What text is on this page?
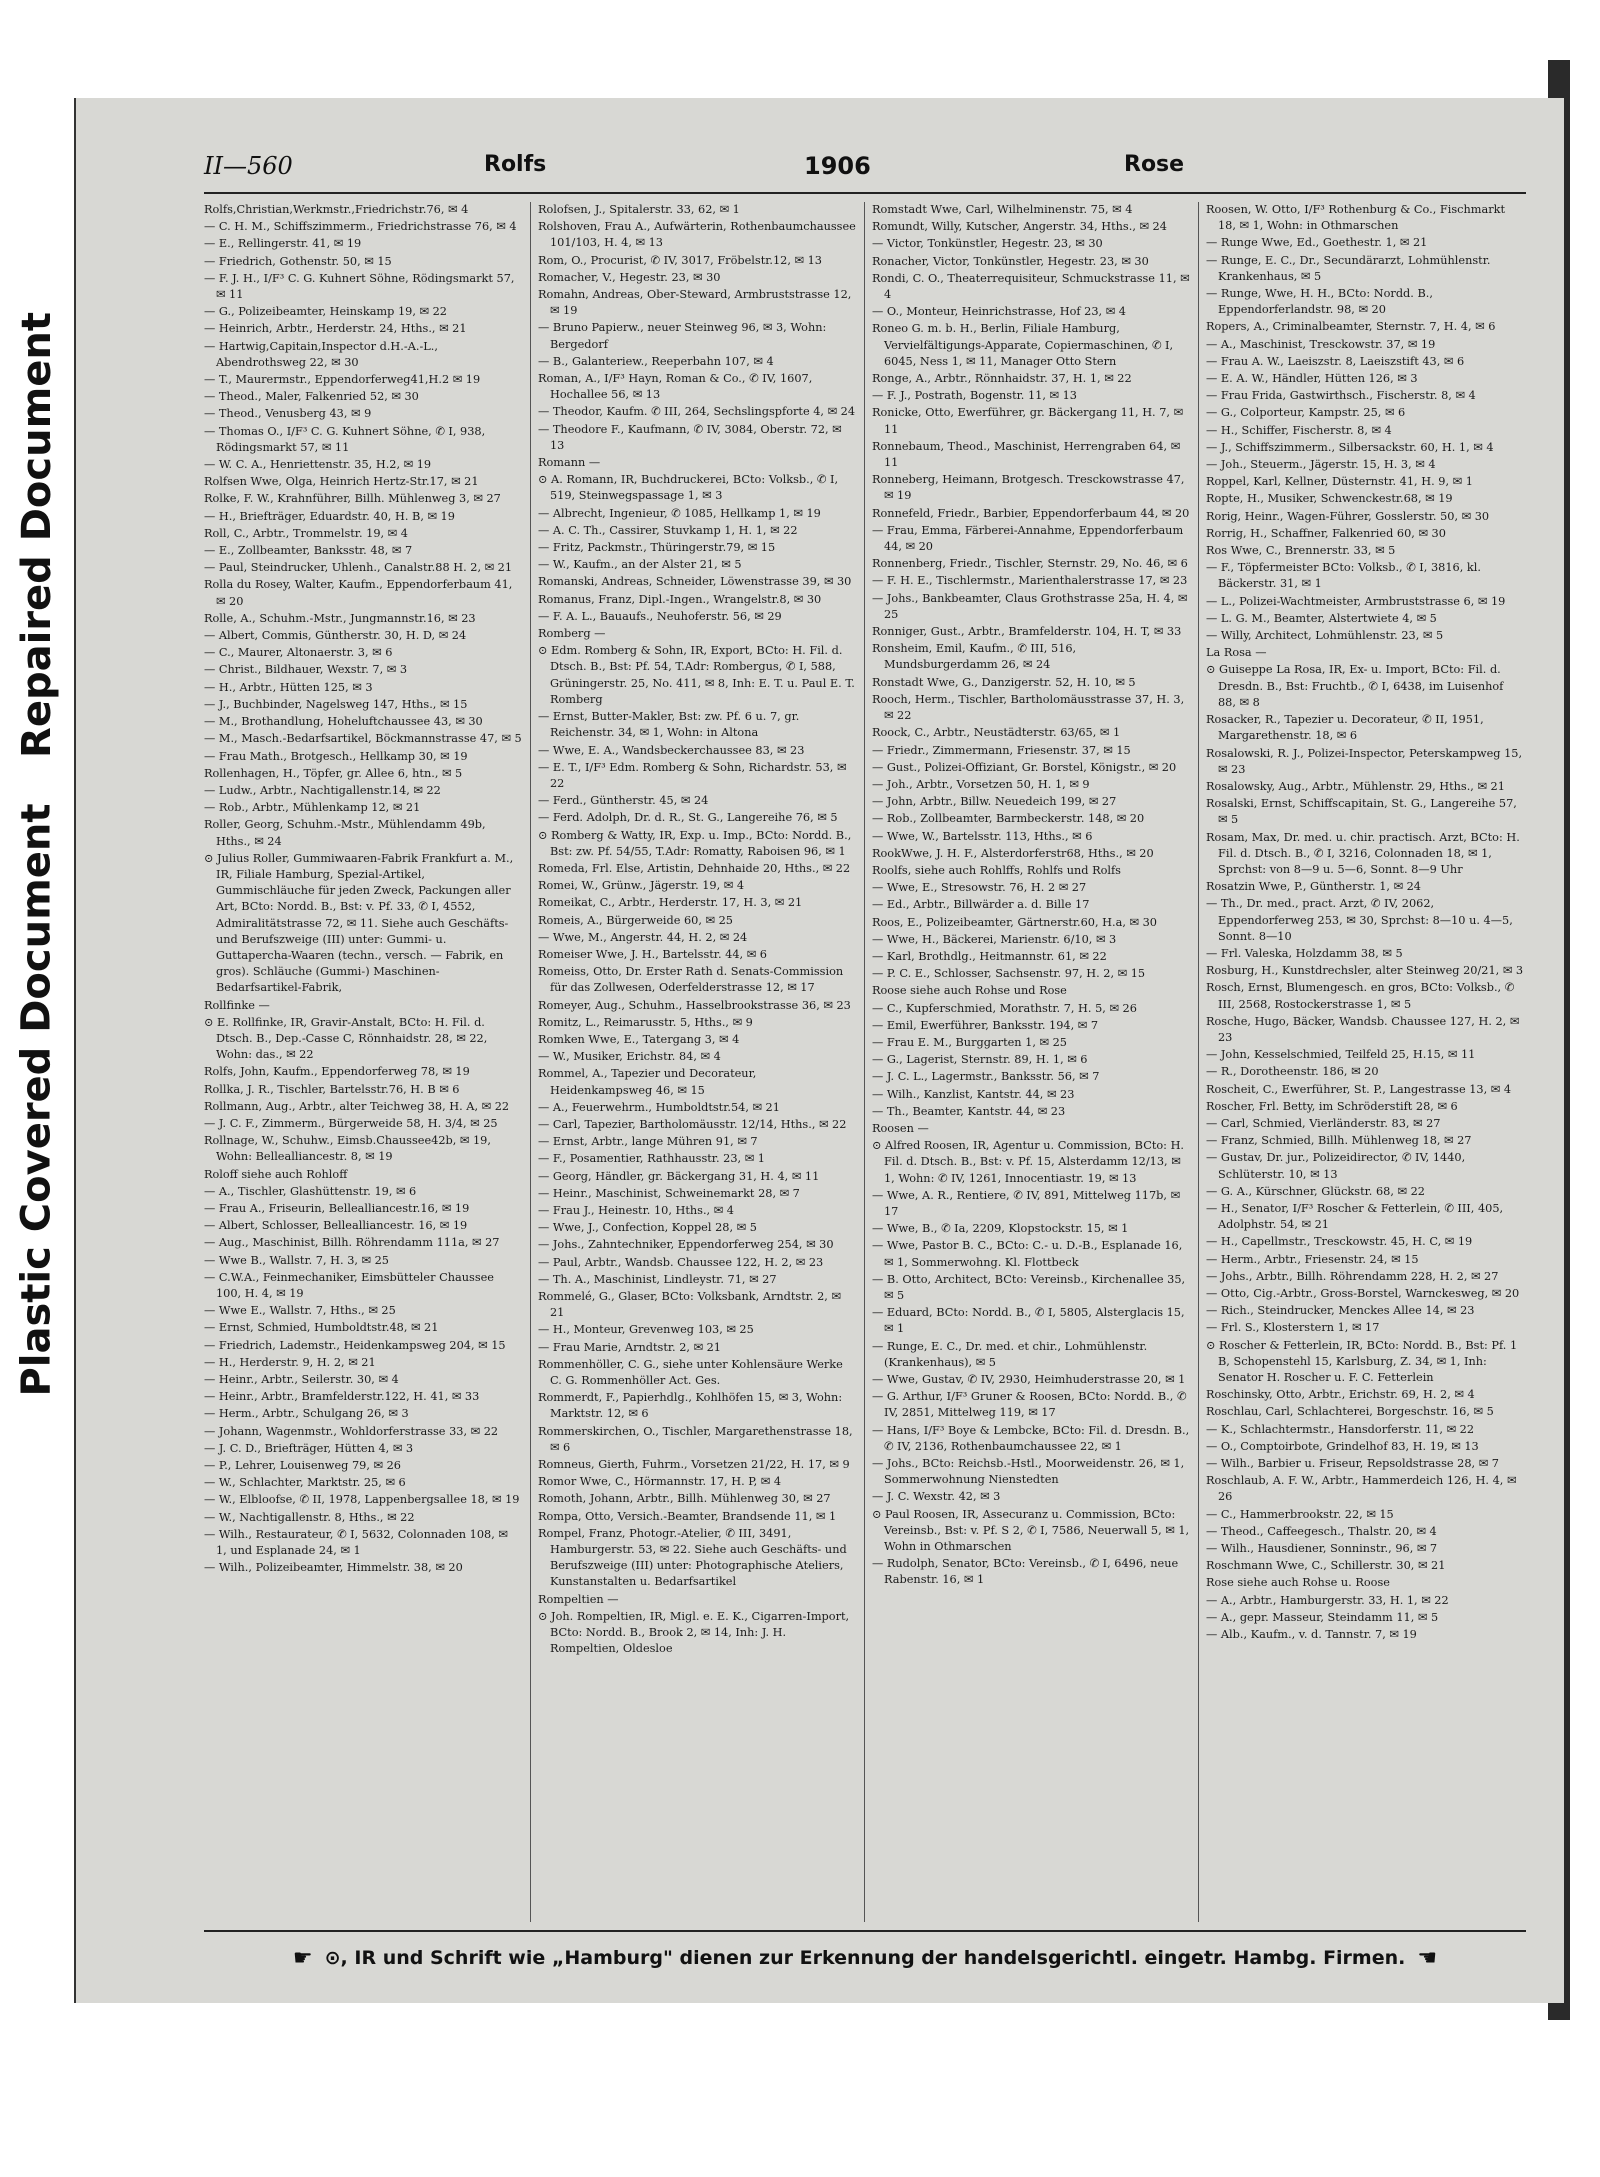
Repaired Document
Plastic Covered Document
II—560	Rolfs	1906	Rose
Rolfs,Christian,Werkmstr.,Friedrichstr.76, ✉ 4
— C. H. M., Schiffszimmerm., Friedrichstrasse 76, ✉ 4
— E., Rellingerstr. 41, ✉ 19
— Friedrich, Gothenstr. 50, ✉ 15
— F. J. H., I/F³ C. G. Kuhnert Söhne, Rödingsmarkt 57, ✉ 11
— G., Polizeibeamter, Heinskamp 19, ✉ 22
— Heinrich, Arbtr., Herderstr. 24, Hths., ✉ 21
— Hartwig,Capitain,Inspector d.H.-A.-L., Abendrothsweg 22, ✉ 30
— T., Maurermstr., Eppendorferweg41,H.2 ✉ 19
— Theod., Maler, Falkenried 52, ✉ 30
— Theod., Venusberg 43, ✉ 9
— Thomas O., I/F³ C. G. Kuhnert Söhne, ✆ I, 938, Rödingsmarkt 57, ✉ 11
— W. C. A., Henriettenstr. 35, H.2, ✉ 19
Rolfsen Wwe, Olga, Heinrich Hertz-Str.17, ✉ 21
Rolke, F. W., Krahnführer, Billh. Mühlenweg 3, ✉ 27
— H., Briefträger, Eduardstr. 40, H. B, ✉ 19
Roll, C., Arbtr., Trommelstr. 19, ✉ 4
— E., Zollbeamter, Banksstr. 48, ✉ 7
— Paul, Steindrucker, Uhlenh., Canalstr.88 H. 2, ✉ 21
Rolla du Rosey, Walter, Kaufm., Eppendorferbaum 41, ✉ 20
Rolle, A., Schuhm.-Mstr., Jungmannstr.16, ✉ 23
— Albert, Commis, Güntherstr. 30, H. D, ✉ 24
— C., Maurer, Altonaerstr. 3, ✉ 6
— Christ., Bildhauer, Wexstr. 7, ✉ 3
— H., Arbtr., Hütten 125, ✉ 3
— J., Buchbinder, Nagelsweg 147, Hths., ✉ 15
— M., Brothandlung, Hoheluftchaussee 43, ✉ 30
— M., Masch.-Bedarfsartikel, Böckmannstrasse 47, ✉ 5
— Frau Math., Brotgesch., Hellkamp 30, ✉ 19
Rollenhagen, H., Töpfer, gr. Allee 6, htn., ✉ 5
— Ludw., Arbtr., Nachtigallenstr.14, ✉ 22
— Rob., Arbtr., Mühlenkamp 12, ✉ 21
Roller, Georg, Schuhm.-Mstr., Mühlendamm 49b, Hths., ✉ 24
⊙ Julius Roller, Gummiwaaren-Fabrik Frankfurt a. M., IR, Filiale Hamburg, Spezial-Artikel, Gummischläuche für jeden Zweck, Packungen aller Art, BCto: Nordd. B., Bst: v. Pf. 33, ✆ I, 4552, Admiralitätstrasse 72, ✉ 11. Siehe auch Geschäfts- und Berufszweige (III) unter: Gummi- u. Guttapercha-Waaren (techn., versch. — Fabrik, en gros). Schläuche (Gummi-) Maschinen-Bedarfsartikel-Fabrik,
Rollfinke —
⊙ E. Rollfinke, IR, Gravir-Anstalt, BCto: H. Fil. d. Dtsch. B., Dep.-Casse C, Rönnhaidstr. 28, ✉ 22, Wohn: das., ✉ 22
Rolfs, John, Kaufm., Eppendorferweg 78, ✉ 19
Rollka, J. R., Tischler, Bartelsstr.76, H. B ✉ 6
Rollmann, Aug., Arbtr., alter Teichweg 38, H. A, ✉ 22
— J. C. F., Zimmerm., Bürgerweide 58, H. 3/4, ✉ 25
Rollnage, W., Schuhw., Eimsb.Chaussee42b, ✉ 19, Wohn: Bellealliancestr. 8, ✉ 19
Roloff siehe auch Rohloff
— A., Tischler, Glashüttenstr. 19, ✉ 6
— Frau A., Friseurin, Bellealliancestr.16, ✉ 19
— Albert, Schlosser, Bellealliancestr. 16, ✉ 19
— Aug., Maschinist, Billh. Röhrendamm 111a, ✉ 27
— Wwe B., Wallstr. 7, H. 3, ✉ 25
— C.W.A., Feinmechaniker, Eimsbütteler Chaussee 100, H. 4, ✉ 19
— Wwe E., Wallstr. 7, Hths., ✉ 25
— Ernst, Schmied, Humboldtstr.48, ✉ 21
— Friedrich, Lademstr., Heidenkampsweg 204, ✉ 15
— H., Herderstr. 9, H. 2, ✉ 21
— Heinr., Arbtr., Seilerstr. 30, ✉ 4
— Heinr., Arbtr., Bramfelderstr.122, H. 41, ✉ 33
— Herm., Arbtr., Schulgang 26, ✉ 3
— Johann, Wagenmstr., Wohldorferstrasse 33, ✉ 22
— J. C. D., Briefträger, Hütten 4, ✉ 3
— P., Lehrer, Louisenweg 79, ✉ 26
— W., Schlachter, Marktstr. 25, ✉ 6
— W., Elbloofse, ✆ II, 1978, Lappenbergsallee 18, ✉ 19
— W., Nachtigallenstr. 8, Hths., ✉ 22
— Wilh., Restaurateur, ✆ I, 5632, Colonnaden 108, ✉ 1, und Esplanade 24, ✉ 1
— Wilh., Polizeibeamter, Himmelstr. 38, ✉ 20
Rolofsen, J., Spitalerstr. 33, 62, ✉ 1
Rolshoven, Frau A., Aufwärterin, Rothenbaumchaussee 101/103, H. 4, ✉ 13
Rom, O., Procurist, ✆ IV, 3017, Fröbelstr.12, ✉ 13
Romacher, V., Hegestr. 23, ✉ 30
Romahn, Andreas, Ober-Steward, Armbruststrasse 12, ✉ 19
— Bruno Papierw., neuer Steinweg 96, ✉ 3, Wohn: Bergedorf
— B., Galanteriew., Reeperbahn 107, ✉ 4
Roman, A., I/F³ Hayn, Roman & Co., ✆ IV, 1607, Hochallee 56, ✉ 13
— Theodor, Kaufm. ✆ III, 264, Sechslingspforte 4, ✉ 24
— Theodore F., Kaufmann, ✆ IV, 3084, Oberstr. 72, ✉ 13
Romann —
⊙ A. Romann, IR, Buchdruckerei, BCto: Volksb., ✆ I, 519, Steinwegspassage 1, ✉ 3
— Albrecht, Ingenieur, ✆ 1085, Hellkamp 1, ✉ 19
— A. C. Th., Cassirer, Stuvkamp 1, H. 1, ✉ 22
— Fritz, Packmstr., Thüringerstr.79, ✉ 15
— W., Kaufm., an der Alster 21, ✉ 5
Romanski, Andreas, Schneider, Löwenstrasse 39, ✉ 30
Romanus, Franz, Dipl.-Ingen., Wrangelstr.8, ✉ 30
— F. A. L., Bauaufs., Neuhoferstr. 56, ✉ 29
Romberg —
⊙ Edm. Romberg & Sohn, IR, Export, BCto: H. Fil. d. Dtsch. B., Bst: Pf. 54, T.Adr: Rombergus, ✆ I, 588, Grüningerstr. 25, No. 411, ✉ 8, Inh: E. T. u. Paul E. T. Romberg
— Ernst, Butter-Makler, Bst: zw. Pf. 6 u. 7, gr. Reichenstr. 34, ✉ 1, Wohn: in Altona
— Wwe, E. A., Wandsbeckerchaussee 83, ✉ 23
— E. T., I/F³ Edm. Romberg & Sohn, Richardstr. 53, ✉ 22
— Ferd., Güntherstr. 45, ✉ 24
— Ferd. Adolph, Dr. d. R., St. G., Langereihe 76, ✉ 5
⊙ Romberg & Watty, IR, Exp. u. Imp., BCto: Nordd. B., Bst: zw. Pf. 54/55, T.Adr: Romatty, Raboisen 96, ✉ 1
Romeda, Frl. Else, Artistin, Dehnhaide 20, Hths., ✉ 22
Romei, W., Grünw., Jägerstr. 19, ✉ 4
Romeikat, C., Arbtr., Herderstr. 17, H. 3, ✉ 21
Romeis, A., Bürgerweide 60, ✉ 25
— Wwe, M., Angerstr. 44, H. 2, ✉ 24
Romeiser Wwe, J. H., Bartelsstr. 44, ✉ 6
Romeiss, Otto, Dr. Erster Rath d. Senats-Commission für das Zollwesen, Oderfelderstrasse 12, ✉ 17
Romeyer, Aug., Schuhm., Hasselbrookstrasse 36, ✉ 23
Romitz, L., Reimarusstr. 5, Hths., ✉ 9
Romken Wwe, E., Tatergang 3, ✉ 4
— W., Musiker, Erichstr. 84, ✉ 4
Rommel, A., Tapezier und Decorateur, Heidenkampsweg 46, ✉ 15
— A., Feuerwehrm., Humboldtstr.54, ✉ 21
— Carl, Tapezier, Bartholomäusstr. 12/14, Hths., ✉ 22
— Ernst, Arbtr., lange Mühren 91, ✉ 7
— F., Posamentier, Rathhausstr. 23, ✉ 1
— Georg, Händler, gr. Bäckergang 31, H. 4, ✉ 11
— Heinr., Maschinist, Schweinemarkt 28, ✉ 7
— Frau J., Heinestr. 10, Hths., ✉ 4
— Wwe, J., Confection, Koppel 28, ✉ 5
— Johs., Zahntechniker, Eppendorferweg 254, ✉ 30
— Paul, Arbtr., Wandsb. Chaussee 122, H. 2, ✉ 23
— Th. A., Maschinist, Lindleystr. 71, ✉ 27
Rommelé, G., Glaser, BCto: Volksbank, Arndtstr. 2, ✉ 21
— H., Monteur, Grevenweg 103, ✉ 25
— Frau Marie, Arndtstr. 2, ✉ 21
Rommenhöller, C. G., siehe unter Kohlensäure Werke C. G. Rommenhöller Act. Ges.
Rommerdt, F., Papierhdlg., Kohlhöfen 15, ✉ 3, Wohn: Marktstr. 12, ✉ 6
Rommerskirchen, O., Tischler, Margarethenstrasse 18, ✉ 6
Romneus, Gierth, Fuhrm., Vorsetzen 21/22, H. 17, ✉ 9
Romor Wwe, C., Hörmannstr. 17, H. P, ✉ 4
Romoth, Johann, Arbtr., Billh. Mühlenweg 30, ✉ 27
Rompa, Otto, Versich.-Beamter, Brandsende 11, ✉ 1
Rompel, Franz, Photogr.-Atelier, ✆ III, 3491, Hamburgerstr. 53, ✉ 22. Siehe auch Geschäfts- und Berufszweige (III) unter: Photographische Ateliers, Kunstanstalten u. Bedarfsartikel
Rompeltien —
⊙ Joh. Rompeltien, IR, Migl. e. E. K., Cigarren-Import, BCto: Nordd. B., Brook 2, ✉ 14, Inh: J. H. Rompeltien, Oldesloe
Romstadt Wwe, Carl, Wilhelminenstr. 75, ✉ 4
Romundt, Willy, Kutscher, Angerstr. 34, Hths., ✉ 24
— Victor, Tonkünstler, Hegestr. 23, ✉ 30
Ronacher, Victor, Tonkünstler, Hegestr. 23, ✉ 30
Rondi, C. O., Theaterrequisiteur, Schmuckstrasse 11, ✉ 4
— O., Monteur, Heinrichstrasse, Hof 23, ✉ 4
Roneo G. m. b. H., Berlin, Filiale Hamburg, Vervielfältigungs-Apparate, Copiermaschinen, ✆ I, 6045, Ness 1, ✉ 11, Manager Otto Stern
Ronge, A., Arbtr., Rönnhaidstr. 37, H. 1, ✉ 22
— F. J., Postrath, Bogenstr. 11, ✉ 13
Ronicke, Otto, Ewerführer, gr. Bäckergang 11, H. 7, ✉ 11
Ronnebaum, Theod., Maschinist, Herrengraben 64, ✉ 11
Ronneberg, Heimann, Brotgesch. Tresckowstrasse 47, ✉ 19
Ronnefeld, Friedr., Barbier, Eppendorferbaum 44, ✉ 20
— Frau, Emma, Färberei-Annahme, Eppendorferbaum 44, ✉ 20
Ronnenberg, Friedr., Tischler, Sternstr. 29, No. 46, ✉ 6
— F. H. E., Tischlermstr., Marienthalerstrasse 17, ✉ 23
— Johs., Bankbeamter, Claus Grothstrasse 25a, H. 4, ✉ 25
Ronniger, Gust., Arbtr., Bramfelderstr. 104, H. T, ✉ 33
Ronsheim, Emil, Kaufm., ✆ III, 516, Mundsburgerdamm 26, ✉ 24
Ronstadt Wwe, G., Danzigerstr. 52, H. 10, ✉ 5
Rooch, Herm., Tischler, Bartholomäusstrasse 37, H. 3, ✉ 22
Roock, C., Arbtr., Neustädterstr. 63/65, ✉ 1
— Friedr., Zimmermann, Friesenstr. 37, ✉ 15
— Gust., Polizei-Offiziant, Gr. Borstel, Königstr., ✉ 20
— Joh., Arbtr., Vorsetzen 50, H. 1, ✉ 9
— John, Arbtr., Billw. Neuedeich 199, ✉ 27
— Rob., Zollbeamter, Barmbeckerstr. 148, ✉ 20
— Wwe, W., Bartelsstr. 113, Hths., ✉ 6
RookWwe, J. H. F., Alsterdorferstr68, Hths., ✉ 20
Roolfs, siehe auch Rohlffs, Rohlfs und Rolfs
— Wwe, E., Stresowstr. 76, H. 2 ✉ 27
— Ed., Arbtr., Billwärder a. d. Bille 17
Roos, E., Polizeibeamter, Gärtnerstr.60, H.a, ✉ 30
— Wwe, H., Bäckerei, Marienstr. 6/10, ✉ 3
— Karl, Brothdlg., Heitmannstr. 61, ✉ 22
— P. C. E., Schlosser, Sachsenstr. 97, H. 2, ✉ 15
Roose siehe auch Rohse und Rose
— C., Kupferschmied, Morathstr. 7, H. 5, ✉ 26
— Emil, Ewerführer, Banksstr. 194, ✉ 7
— Frau E. M., Burggarten 1, ✉ 25
— G., Lagerist, Sternstr. 89, H. 1, ✉ 6
— J. C. L., Lagermstr., Banksstr. 56, ✉ 7
— Wilh., Kanzlist, Kantstr. 44, ✉ 23
— Th., Beamter, Kantstr. 44, ✉ 23
Roosen —
⊙ Alfred Roosen, IR, Agentur u. Commission, BCto: H. Fil. d. Dtsch. B., Bst: v. Pf. 15, Alsterdamm 12/13, ✉ 1, Wohn: ✆ IV, 1261, Innocentiastr. 19, ✉ 13
— Wwe, A. R., Rentiere, ✆ IV, 891, Mittelweg 117b, ✉ 17
— Wwe, B., ✆ Ia, 2209, Klopstockstr. 15, ✉ 1
— Wwe, Pastor B. C., BCto: C.- u. D.-B., Esplanade 16, ✉ 1, Sommerwohng. Kl. Flottbeck
— B. Otto, Architect, BCto: Vereinsb., Kirchenallee 35, ✉ 5
— Eduard, BCto: Nordd. B., ✆ I, 5805, Alsterglacis 15, ✉ 1
— Runge, E. C., Dr. med. et chir., Lohmühlenstr. (Krankenhaus), ✉ 5
— Wwe, Gustav, ✆ IV, 2930, Heimhuderstrasse 20, ✉ 1
— G. Arthur, I/F³ Gruner & Roosen, BCto: Nordd. B., ✆ IV, 2851, Mittelweg 119, ✉ 17
— Hans, I/F³ Boye & Lembcke, BCto: Fil. d. Dresdn. B., ✆ IV, 2136, Rothenbaumchaussee 22, ✉ 1
— Johs., BCto: Reichsb.-Hstl., Moorweidenstr. 26, ✉ 1, Sommerwohnung Nienstedten
— J. C. Wexstr. 42, ✉ 3
⊙ Paul Roosen, IR, Assecuranz u. Commission, BCto: Vereinsb., Bst: v. Pf. S 2, ✆ I, 7586, Neuerwall 5, ✉ 1, Wohn in Othmarschen
— Rudolph, Senator, BCto: Vereinsb., ✆ I, 6496, neue Rabenstr. 16, ✉ 1
Roosen, W. Otto, I/F³ Rothenburg & Co., Fischmarkt 18, ✉ 1, Wohn: in Othmarschen
— Runge Wwe, Ed., Goethestr. 1, ✉ 21
— Runge, E. C., Dr., Secundärarzt, Lohmühlenstr. Krankenhaus, ✉ 5
— Runge, Wwe, H. H., BCto: Nordd. B., Eppendorferlandstr. 98, ✉ 20
Ropers, A., Criminalbeamter, Sternstr. 7, H. 4, ✉ 6
— A., Maschinist, Tresckowstr. 37, ✉ 19
— Frau A. W., Laeiszstr. 8, Laeiszstift 43, ✉ 6
— E. A. W., Händler, Hütten 126, ✉ 3
— Frau Frida, Gastwirthsch., Fischerstr. 8, ✉ 4
— G., Colporteur, Kampstr. 25, ✉ 6
— H., Schiffer, Fischerstr. 8, ✉ 4
— J., Schiffszimmerm., Silbersackstr. 60, H. 1, ✉ 4
— Joh., Steuerm., Jägerstr. 15, H. 3, ✉ 4
Roppel, Karl, Kellner, Düsternstr. 41, H. 9, ✉ 1
Ropte, H., Musiker, Schwenckestr.68, ✉ 19
Rorig, Heinr., Wagen-Führer, Gosslerstr. 50, ✉ 30
Rorrig, H., Schaffner, Falkenried 60, ✉ 30
Ros Wwe, C., Brennerstr. 33, ✉ 5
— F., Töpfermeister BCto: Volksb., ✆ I, 3816, kl. Bäckerstr. 31, ✉ 1
— L., Polizei-Wachtmeister, Armbruststrasse 6, ✉ 19
— L. G. M., Beamter, Alstertwiete 4, ✉ 5
— Willy, Architect, Lohmühlenstr. 23, ✉ 5
La Rosa —
⊙ Guiseppe La Rosa, IR, Ex- u. Import, BCto: Fil. d. Dresdn. B., Bst: Fruchtb., ✆ I, 6438, im Luisenhof 88, ✉ 8
Rosacker, R., Tapezier u. Decorateur, ✆ II, 1951, Margarethenstr. 18, ✉ 6
Rosalowski, R. J., Polizei-Inspector, Peterskampweg 15, ✉ 23
Rosalowsky, Aug., Arbtr., Mühlenstr. 29, Hths., ✉ 21
Rosalski, Ernst, Schiffscapitain, St. G., Langereihe 57, ✉ 5
Rosam, Max, Dr. med. u. chir. practisch. Arzt, BCto: H. Fil. d. Dtsch. B., ✆ I, 3216, Colonnaden 18, ✉ 1, Sprchst: von 8—9 u. 5—6, Sonnt. 8—9 Uhr
Rosatzin Wwe, P., Güntherstr. 1, ✉ 24
— Th., Dr. med., pract. Arzt, ✆ IV, 2062, Eppendorferweg 253, ✉ 30, Sprchst: 8—10 u. 4—5, Sonnt. 8—10
— Frl. Valeska, Holzdamm 38, ✉ 5
Rosburg, H., Kunstdrechsler, alter Steinweg 20/21, ✉ 3
Rosch, Ernst, Blumengesch. en gros, BCto: Volksb., ✆ III, 2568, Rostockerstrasse 1, ✉ 5
Rosche, Hugo, Bäcker, Wandsb. Chaussee 127, H. 2, ✉ 23
— John, Kesselschmied, Teilfeld 25, H.15, ✉ 11
— R., Dorotheenstr. 186, ✉ 20
Roscheit, C., Ewerführer, St. P., Langestrasse 13, ✉ 4
Roscher, Frl. Betty, im Schröderstift 28, ✉ 6
— Carl, Schmied, Vierländerstr. 83, ✉ 27
— Franz, Schmied, Billh. Mühlenweg 18, ✉ 27
— Gustav, Dr. jur., Polizeidirector, ✆ IV, 1440, Schlüterstr. 10, ✉ 13
— G. A., Kürschner, Glückstr. 68, ✉ 22
— H., Senator, I/F³ Roscher & Fetterlein, ✆ III, 405, Adolphstr. 54, ✉ 21
— H., Capellmstr., Tresckowstr. 45, H. C, ✉ 19
— Herm., Arbtr., Friesenstr. 24, ✉ 15
— Johs., Arbtr., Billh. Röhrendamm 228, H. 2, ✉ 27
— Otto, Cig.-Arbtr., Gross-Borstel, Warnckesweg, ✉ 20
— Rich., Steindrucker, Menckes Allee 14, ✉ 23
— Frl. S., Klosterstern 1, ✉ 17
⊙ Roscher & Fetterlein, IR, BCto: Nordd. B., Bst: Pf. 1 B, Schopenstehl 15, Karlsburg, Z. 34, ✉ 1, Inh: Senator H. Roscher u. F. C. Fetterlein
Roschinsky, Otto, Arbtr., Erichstr. 69, H. 2, ✉ 4
Roschlau, Carl, Schlachterei, Borgeschstr. 16, ✉ 5
— K., Schlachtermstr., Hansdorferstr. 11, ✉ 22
— O., Comptoirbote, Grindelhof 83, H. 19, ✉ 13
— Wilh., Barbier u. Friseur, Repsoldstrasse 28, ✉ 7
Roschlaub, A. F. W., Arbtr., Hammerdeich 126, H. 4, ✉ 26
— C., Hammerbrookstr. 22, ✉ 15
— Theod., Caffeegesch., Thalstr. 20, ✉ 4
— Wilh., Hausdiener, Sonninstr., 96, ✉ 7
Roschmann Wwe, C., Schillerstr. 30, ✉ 21
Rose siehe auch Rohse u. Roose
— A., Arbtr., Hamburgerstr. 33, H. 1, ✉ 22
— A., gepr. Masseur, Steindamm 11, ✉ 5
— Alb., Kaufm., v. d. Tannstr. 7, ✉ 19
☛ ⊙, IR und Schrift wie „Hamburg" dienen zur Erkennung der handelsgerichtl. eingetr. Hambg. Firmen. ☚
